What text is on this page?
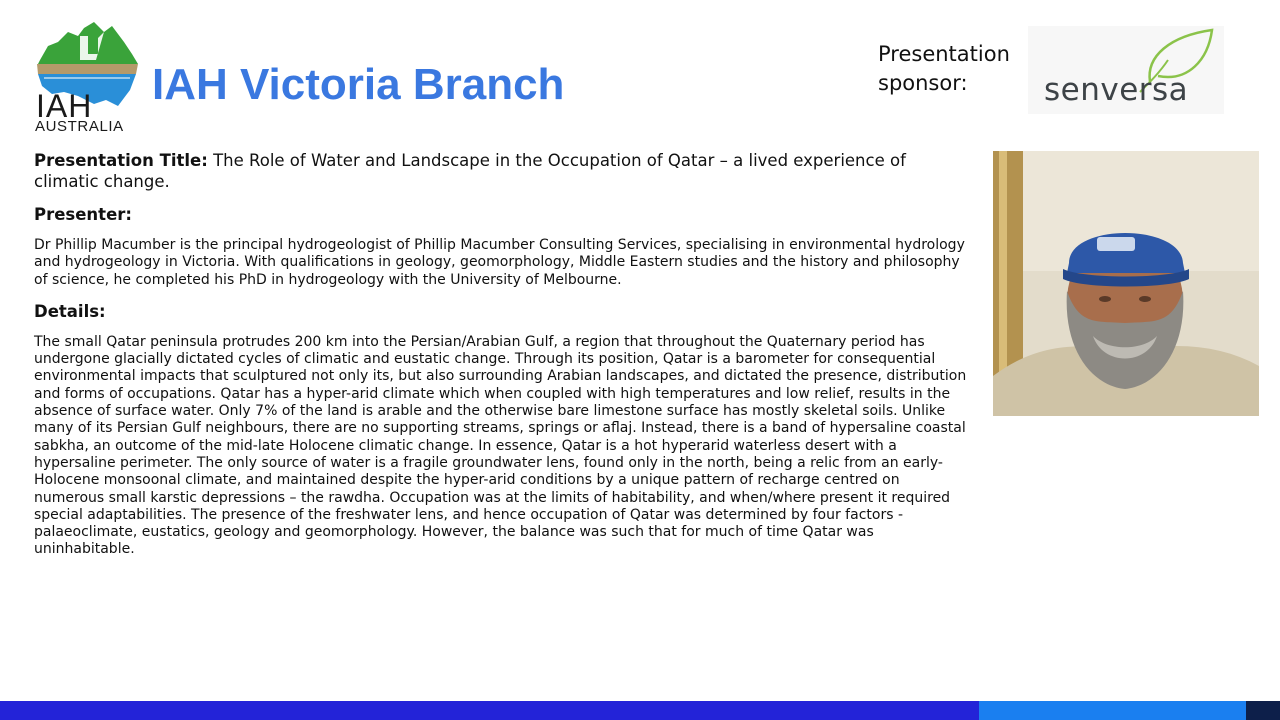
IAH
AUSTRALIA
IAH Victoria Branch
Presentation sponsor:	senversa
Presentation Title: The Role of Water and Landscape in the Occupation of Qatar – a lived experience of climatic change.
Presenter:
Dr Phillip Macumber is the principal hydrogeologist of Phillip Macumber Consulting Services, specialising in environmental hydrology and hydrogeology in Victoria. With qualifications in geology, geomorphology, Middle Eastern studies and the history and philosophy of science, he completed his PhD in hydrogeology with the University of Melbourne.
Details:
The small Qatar peninsula protrudes 200 km into the Persian/Arabian Gulf, a region that throughout the Quaternary period has undergone glacially dictated cycles of climatic and eustatic change. Through its position, Qatar is a barometer for consequential environmental impacts that sculptured not only its, but also surrounding Arabian landscapes, and dictated the presence, distribution and forms of occupations. Qatar has a hyper-arid climate which when coupled with high temperatures and low relief, results in the absence of surface water. Only 7% of the land is arable and the otherwise bare limestone surface has mostly skeletal soils. Unlike many of its Persian Gulf neighbours, there are no supporting streams, springs or aflaj. Instead, there is a band of hypersaline coastal sabkha, an outcome of the mid-late Holocene climatic change. In essence, Qatar is a hot hyperarid waterless desert with a hypersaline perimeter. The only source of water is a fragile groundwater lens, found only in the north, being a relic from an early-Holocene monsoonal climate, and maintained despite the hyper-arid conditions by a unique pattern of recharge centred on numerous small karstic depressions – the rawdha. Occupation was at the limits of habitability, and when/where present it required special adaptabilities. The presence of the freshwater lens, and hence occupation of Qatar was determined by four factors - palaeoclimate, eustatics, geology and geomorphology. However, the balance was such that for much of time Qatar was uninhabitable.
